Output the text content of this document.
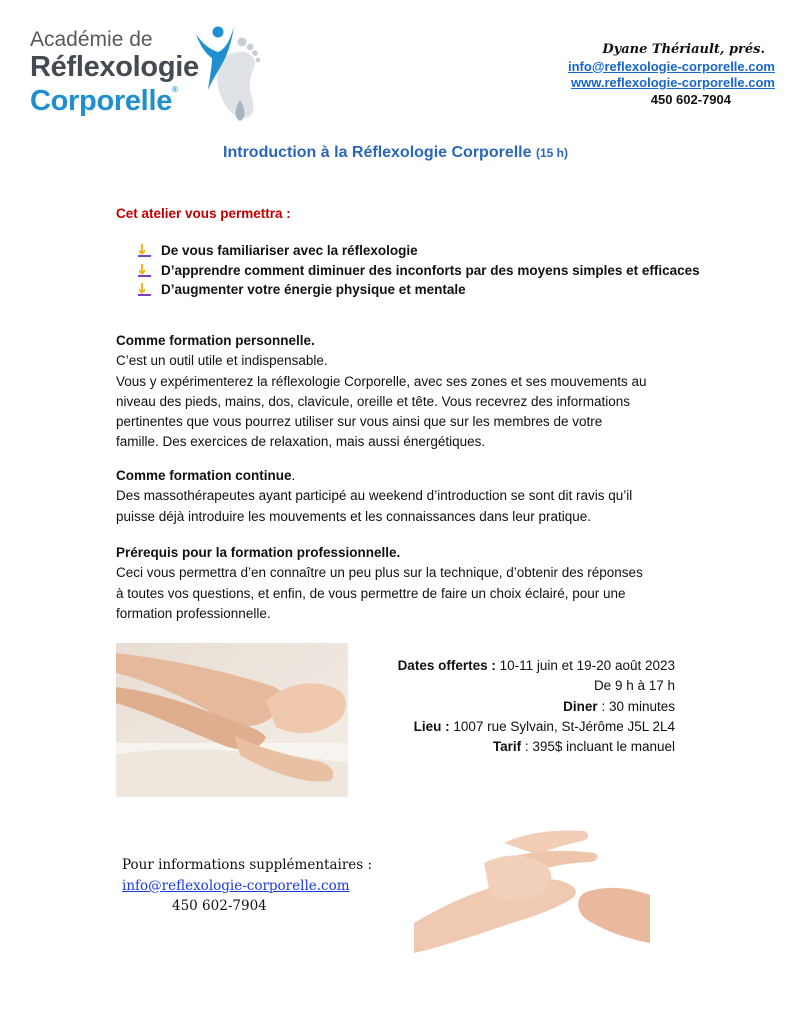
Académie de
Réflexologie
Corporelle®
Dyane Thériault, prés.
info@reflexologie-corporelle.com
www.reflexologie-corporelle.com
450 602-7904
Introduction à la Réflexologie Corporelle (15 h)
Cet atelier vous permettra :
De vous familiariser avec la réflexologie
D’apprendre comment diminuer des inconforts par des moyens simples et efficaces
D’augmenter votre énergie physique et mentale

Comme formation personnelle.

C’est un outil utile et indispensable.

Vous y expérimenterez la réflexologie Corporelle, avec ses zones et ses mouvements au

niveau des pieds, mains, dos, clavicule, oreille et tête. Vous recevrez des informations

pertinentes que vous pourrez utiliser sur vous ainsi que sur les membres de votre

famille. Des exercices de relaxation, mais aussi énergétiques.

Comme formation continue.

Des massothérapeutes ayant participé au weekend d’introduction se sont dit ravis qu’il

puisse déjà introduire les mouvements et les connaissances dans leur pratique.

Prérequis pour la formation professionnelle.

Ceci vous permettra d’en connaître un peu plus sur la technique, d’obtenir des réponses

à toutes vos questions, et enfin, de vous permettre de faire un choix éclairé, pour une

formation professionnelle.

Dates offertes : 10-11 juin et 19-20 août 2023
De 9 h à 17 h
Diner : 30 minutes
Lieu : 1007 rue Sylvain, St-Jérôme J5L 2L4
Tarif : 395$ incluant le manuel
Pour informations supplémentaires :
info@reflexologie-corporelle.com
450 602-7904
